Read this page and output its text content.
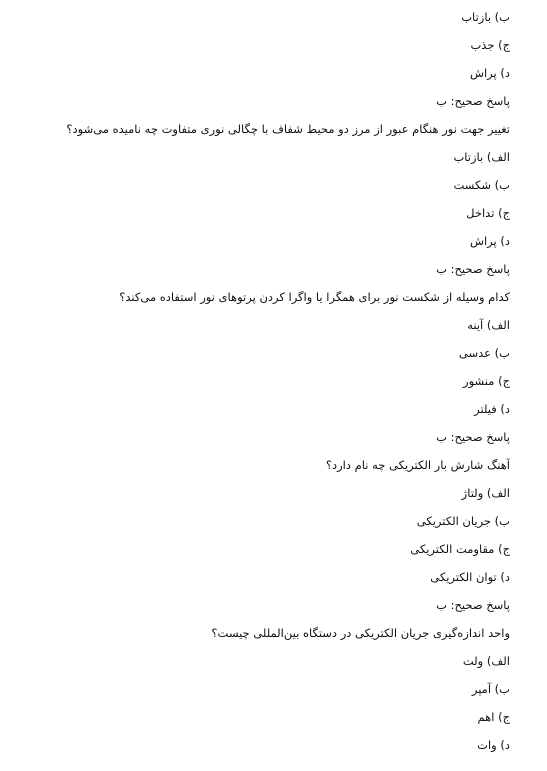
ب) بازتاب
ج) جذب
د) پراش
پاسخ صحیح: ب
تغییر جهت نور هنگام عبور از مرز دو محیط شفاف با چگالی نوری متفاوت چه نامیده می‌شود؟
الف) بازتاب
ب) شکست
ج) تداخل
د) پراش
پاسخ صحیح: ب
کدام وسیله از شکست نور برای همگرا یا واگرا کردن پرتوهای نور استفاده می‌کند؟
الف) آینه
ب) عدسی
ج) منشور
د) فیلتر
پاسخ صحیح: ب
آهنگ شارش بار الکتریکی چه نام دارد؟
الف) ولتاژ
ب) جریان الکتریکی
ج) مقاومت الکتریکی
د) توان الکتریکی
پاسخ صحیح: ب
واحد اندازه‌گیری جریان الکتریکی در دستگاه بین‌المللی چیست؟
الف) ولت
ب) آمپر
ج) اهم
د) وات
